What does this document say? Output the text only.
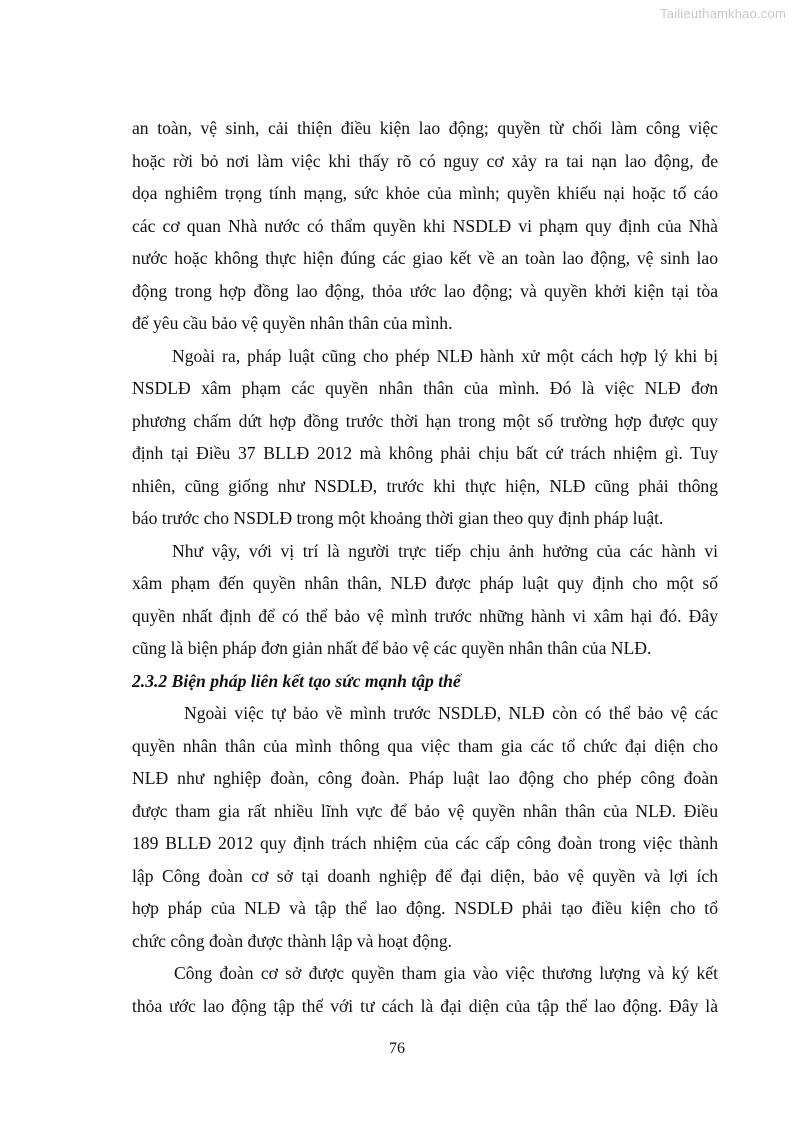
Tailieuthamkhao.com

an toàn, vệ sinh, cải thiện điều kiện lao động; quyền từ chối làm công việc

hoặc rời bỏ nơi làm việc khi thấy rõ có nguy cơ xảy ra tai nạn lao động, đe

dọa nghiêm trọng tính mạng, sức khỏe của mình; quyền khiếu nại hoặc tố cáo

các cơ quan Nhà nước có thẩm quyền khi NSDLĐ vi phạm quy định của Nhà

nước hoặc không thực hiện đúng các giao kết về an toàn lao động, vệ sinh lao

động trong hợp đồng lao động, thỏa ước lao động; và quyền khởi kiện tại tòa

để yêu cầu bảo vệ quyền nhân thân của mình.

Ngoài ra, pháp luật cũng cho phép NLĐ hành xử một cách hợp lý khi bị

NSDLĐ xâm phạm các quyền nhân thân của mình. Đó là việc NLĐ đơn

phương chấm dứt hợp đồng trước thời hạn trong một số trường hợp được quy

định tại Điều 37 BLLĐ 2012 mà không phải chịu bất cứ trách nhiệm gì. Tuy

nhiên, cũng giống như NSDLĐ, trước khi thực hiện, NLĐ cũng phải thông

báo trước cho NSDLĐ trong một khoảng thời gian theo quy định pháp luật.

Như vậy, với vị trí là người trực tiếp chịu ảnh hưởng của các hành vi

xâm phạm đến quyền nhân thân, NLĐ được pháp luật quy định cho một số

quyền nhất định để có thể bảo vệ mình trước những hành vi xâm hại đó. Đây

cũng là biện pháp đơn giản nhất để bảo vệ các quyền nhân thân của NLĐ.

2.3.2 Biện pháp liên kết tạo sức mạnh tập thể

Ngoài việc tự bảo về mình trước NSDLĐ, NLĐ còn có thể bảo vệ các

quyền nhân thân của mình thông qua việc tham gia các tổ chức đại diện cho

NLĐ như nghiệp đoàn, công đoàn. Pháp luật lao động cho phép công đoàn

được tham gia rất nhiều lĩnh vực để bảo vệ quyền nhân thân của NLĐ. Điều

189 BLLĐ 2012 quy định trách nhiệm của các cấp công đoàn trong việc thành

lập Công đoàn cơ sở tại doanh nghiệp để đại diện, bảo vệ quyền và lợi ích

hợp pháp của NLĐ và tập thể lao động. NSDLĐ phải tạo điều kiện cho tổ

chức công đoàn được thành lập và hoạt động.

Công đoàn cơ sở được quyền tham gia vào việc thương lượng và ký kết

thỏa ước lao động tập thể với tư cách là đại diện của tập thể lao động. Đây là

76
